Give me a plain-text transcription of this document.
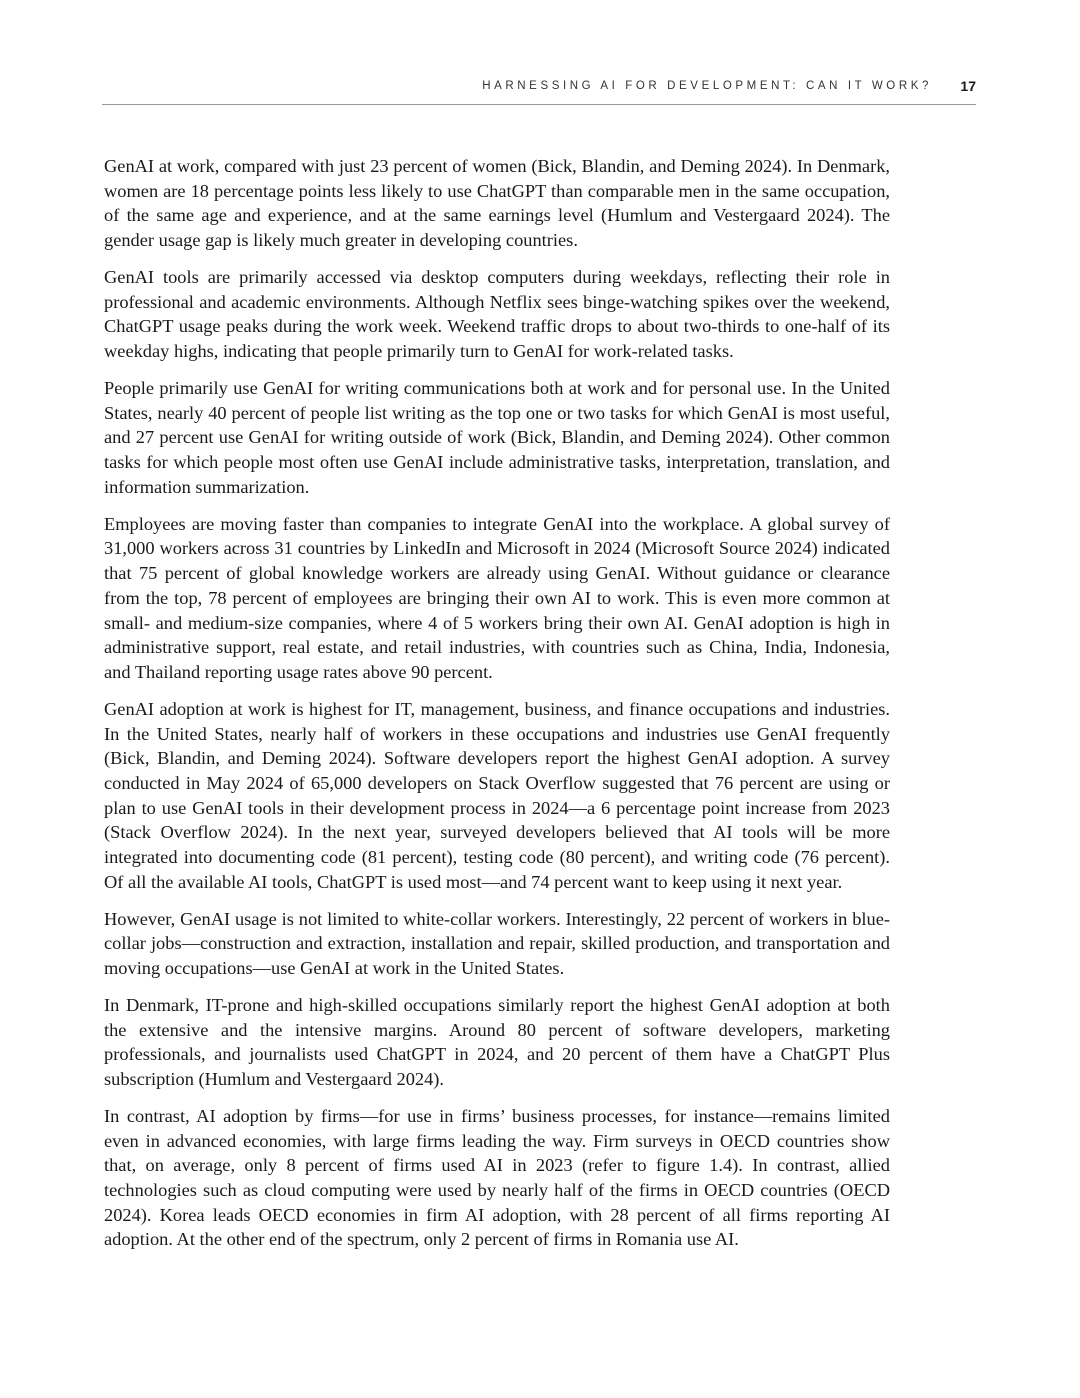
HARNESSING AI FOR DEVELOPMENT: CAN IT WORK? 17

GenAI at work, compared with just 23 percent of women (Bick, Blandin, and Deming 2024). In Denmark, women are 18 percentage points less likely to use ChatGPT than comparable men in the same occupation, of the same age and experience, and at the same earnings level (Humlum and Vestergaard 2024). The gender usage gap is likely much greater in developing countries.

GenAI tools are primarily accessed via desktop computers during weekdays, reflecting their role in professional and academic environments. Although Netflix sees binge-watching spikes over the weekend, ChatGPT usage peaks during the work week. Weekend traffic drops to about two-thirds to one-half of its weekday highs, indicating that people primarily turn to GenAI for work-related tasks.

People primarily use GenAI for writing communications both at work and for personal use. In the United States, nearly 40 percent of people list writing as the top one or two tasks for which GenAI is most useful, and 27 percent use GenAI for writing outside of work (Bick, Blandin, and Deming 2024). Other common tasks for which people most often use GenAI include administrative tasks, interpretation, translation, and information summarization.

Employees are moving faster than companies to integrate GenAI into the workplace. A global survey of 31,000 workers across 31 countries by LinkedIn and Microsoft in 2024 (Microsoft Source 2024) indicated that 75 percent of global knowledge workers are already using GenAI. Without guidance or clearance from the top, 78 percent of employees are bringing their own AI to work. This is even more common at small- and medium-size companies, where 4 of 5 workers bring their own AI. GenAI adoption is high in administrative support, real estate, and retail industries, with countries such as China, India, Indonesia, and Thailand reporting usage rates above 90 percent.

GenAI adoption at work is highest for IT, management, business, and finance occupations and industries. In the United States, nearly half of workers in these occupations and industries use GenAI frequently (Bick, Blandin, and Deming 2024). Software developers report the highest GenAI adoption. A survey conducted in May 2024 of 65,000 developers on Stack Overflow suggested that 76 percent are using or plan to use GenAI tools in their development process in 2024—a 6 percentage point increase from 2023 (Stack Overflow 2024). In the next year, surveyed developers believed that AI tools will be more integrated into documenting code (81 percent), testing code (80 percent), and writing code (76 percent). Of all the available AI tools, ChatGPT is used most—and 74 percent want to keep using it next year.

However, GenAI usage is not limited to white-collar workers. Interestingly, 22 percent of workers in blue-collar jobs—construction and extraction, installation and repair, skilled production, and transportation and moving occupations—use GenAI at work in the United States.

In Denmark, IT-prone and high-skilled occupations similarly report the highest GenAI adoption at both the extensive and the intensive margins. Around 80 percent of software developers, marketing professionals, and journalists used ChatGPT in 2024, and 20 percent of them have a ChatGPT Plus subscription (Humlum and Vestergaard 2024).

In contrast, AI adoption by firms—for use in firms’ business processes, for instance—remains limited even in advanced economies, with large firms leading the way. Firm surveys in OECD countries show that, on average, only 8 percent of firms used AI in 2023 (refer to figure 1.4). In contrast, allied technologies such as cloud computing were used by nearly half of the firms in OECD countries (OECD 2024). Korea leads OECD economies in firm AI adoption, with 28 percent of all firms reporting AI adoption. At the other end of the spectrum, only 2 percent of firms in Romania use AI.
